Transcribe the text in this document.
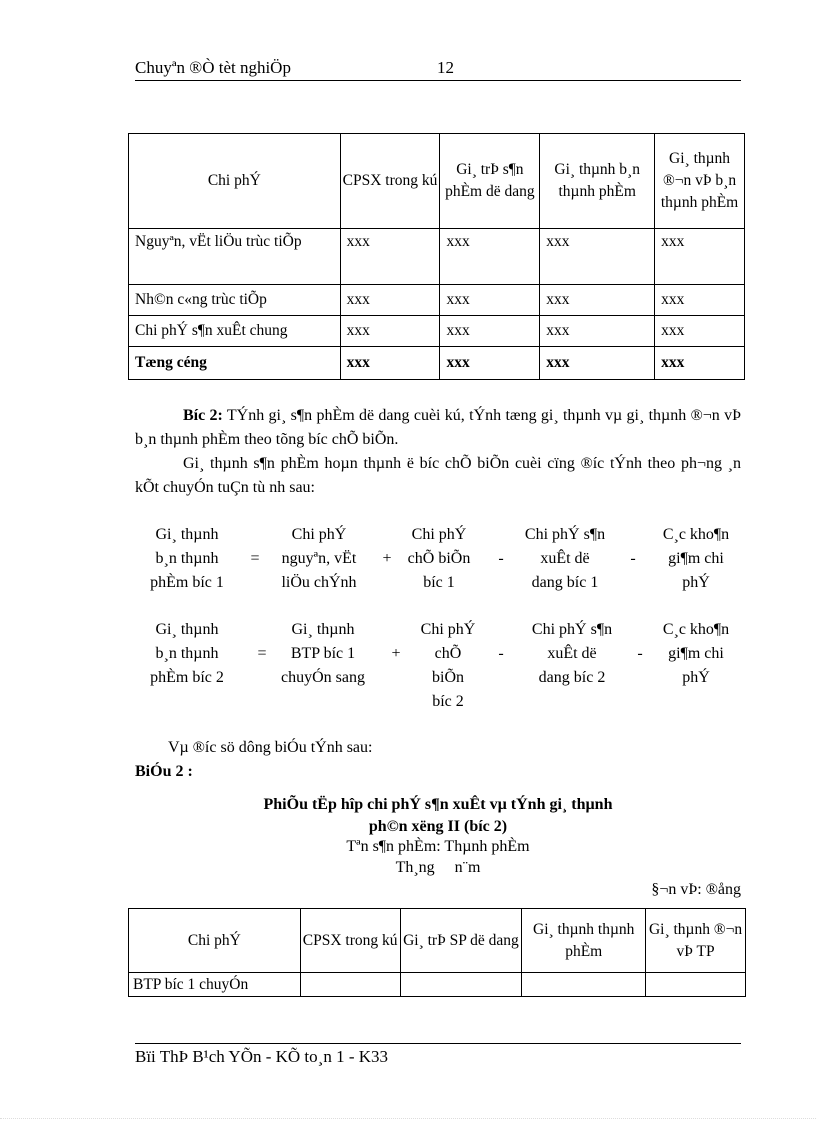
Chuyªn ®Ò tèt nghiÖp	12
Chi phÝ	CPSX trong kú	Gi¸ trÞ s¶n phÈm dë dang	Gi¸ thµnh b¸n thµnh phÈm	Gi¸ thµnh ®¬n vÞ b¸n thµnh phÈm
Nguyªn, vËt liÖu trùc tiÕp	xxx	xxx	xxx	xxx
Nh©n c«ng trùc tiÕp	xxx	xxx	xxx	xxx
Chi phÝ s¶n xuÊt chung	xxx	xxx	xxx	xxx
Tæng céng	xxx	xxx	xxx	xxx
Bíc 2: TÝnh gi¸ s¶n phÈm dë dang cuèi kú, tÝnh tæng gi¸ thµnh vµ gi¸ thµnh ®¬n vÞ b¸n thµnh phÈm theo tõng bíc chÕ biÕn.
Gi¸ thµnh s¶n phÈm hoµn thµnh ë bíc chÕ biÕn cuèi cïng ®íc tÝnh theo ph¬ng ¸n kÕt chuyÓn tuÇn tù nh sau:
Gi¸ thµnh
b¸n thµnh
phÈm bíc 1
=
Chi phÝ
nguyªn, vËt
liÖu chÝnh
+
Chi phÝ
chÕ biÕn
bíc 1
-
Chi phÝ s¶n
xuÊt dë
dang bíc 1
-
C¸c kho¶n
gi¶m chi
phÝ
Gi¸ thµnh
b¸n thµnh
phÈm bíc 2
=
Gi¸ thµnh
BTP bíc 1
chuyÓn sang
+
Chi phÝ
chÕ
biÕn
bíc 2
-
Chi phÝ s¶n
xuÊt dë
dang bíc 2
-
C¸c kho¶n
gi¶m chi
phÝ
Vµ ®íc sö dông biÓu tÝnh sau:
BiÓu 2 :
PhiÕu tËp hîp chi phÝ s¶n xuÊt vµ tÝnh gi¸ thµnh
ph©n xëng II (bíc 2)
Tªn s¶n phÈm: Thµnh phÈm
Th¸ng     n¨m
§¬n vÞ: ®ång
Chi phÝ	CPSX trong kú	Gi¸ trÞ SP dë dang	Gi¸ thµnh thµnh phÈm	Gi¸ thµnh ®¬n vÞ TP
BTP bíc 1 chuyÓn				
Bïi ThÞ B¹ch YÕn - KÕ to¸n 1 - K33
